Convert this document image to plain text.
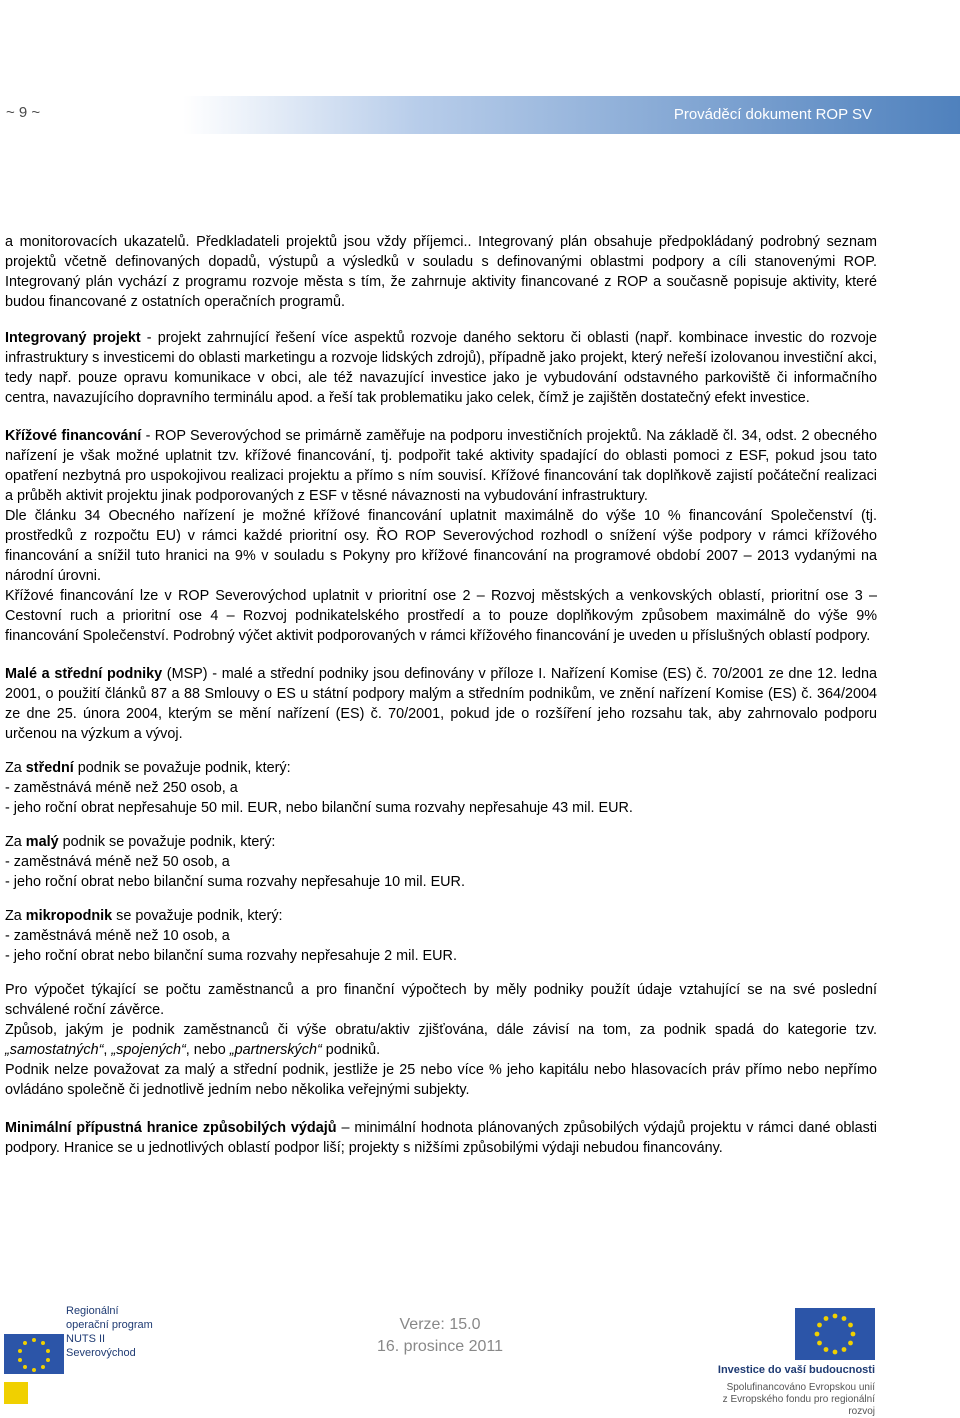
~ 9 ~	Prováděcí dokument ROP SV

a monitorovacích ukazatelů. Předkladateli projektů jsou vždy příjemci.. Integrovaný plán obsahuje předpokládaný podrobný seznam projektů včetně definovaných dopadů, výstupů a výsledků v souladu s definovanými oblastmi podpory a cíli stanovenými ROP. Integrovaný plán vychází z programu rozvoje města s tím, že zahrnuje aktivity financované z ROP a současně popisuje aktivity, které budou financované z ostatních operačních programů.

Integrovaný projekt - projekt zahrnující řešení více aspektů rozvoje daného sektoru či oblasti (např. kombinace investic do rozvoje infrastruktury s investicemi do oblasti marketingu a rozvoje lidských zdrojů), případně jako projekt, který neřeší izolovanou investiční akci, tedy např. pouze opravu komunikace v obci, ale též navazující investice jako je vybudování odstavného parkoviště či informačního centra, navazujícího dopravního terminálu apod. a řeší tak problematiku jako celek, čímž je zajištěn dostatečný efekt investice.

Křížové financování - ROP Severovýchod se primárně zaměřuje na podporu investičních projektů. Na základě čl. 34, odst. 2 obecného nařízení je však možné uplatnit tzv. křížové financování, tj. podpořit také aktivity spadající do oblasti pomoci z ESF, pokud jsou tato opatření nezbytná pro uspokojivou realizaci projektu a přímo s ním souvisí. Křížové financování tak doplňkově zajistí počáteční realizaci a průběh aktivit projektu jinak podporovaných z ESF v těsné návaznosti na vybudování infrastruktury.

Dle článku 34 Obecného nařízení je možné křížové financování uplatnit maximálně do výše 10 % financování Společenství (tj. prostředků z rozpočtu EU) v rámci každé prioritní osy. ŘO ROP Severovýchod rozhodl o snížení výše podpory v rámci křížového financování a snížil tuto hranici na 9% v souladu s Pokyny pro křížové financování na programové období 2007 – 2013 vydanými na národní úrovni.

Křížové financování lze v ROP Severovýchod uplatnit v prioritní ose 2 – Rozvoj městských a venkovských oblastí, prioritní ose 3 – Cestovní ruch a prioritní ose 4 – Rozvoj podnikatelského prostředí a to pouze doplňkovým způsobem maximálně do výše 9% financování Společenství. Podrobný výčet aktivit podporovaných v rámci křížového financování je uveden u příslušných oblastí podpory.

Malé a střední podniky (MSP) - malé a střední podniky jsou definovány v příloze I. Nařízení Komise (ES) č. 70/2001 ze dne 12. ledna 2001, o použití článků 87 a 88 Smlouvy o ES u státní podpory malým a středním podnikům, ve znění nařízení Komise (ES) č. 364/2004 ze dne 25. února 2004, kterým se mění nařízení (ES) č. 70/2001, pokud jde o rozšíření jeho rozsahu tak, aby zahrnovalo podporu určenou na výzkum a vývoj.

Za střední podnik se považuje podnik, který:

- zaměstnává méně než 250 osob, a

- jeho roční obrat nepřesahuje 50 mil. EUR, nebo bilanční suma rozvahy nepřesahuje 43 mil. EUR.

Za malý podnik se považuje podnik, který:

- zaměstnává méně než 50 osob, a

- jeho roční obrat nebo bilanční suma rozvahy nepřesahuje 10 mil. EUR.

Za mikropodnik se považuje podnik, který:

- zaměstnává méně než 10 osob, a

- jeho roční obrat nebo bilanční suma rozvahy nepřesahuje 2 mil. EUR.

Pro výpočet týkající se počtu zaměstnanců a pro finanční výpočtech by měly podniky použít údaje vztahující se na své poslední schválené roční závěrce.

Způsob, jakým je podnik zaměstnanců či výše obratu/aktiv zjišťována, dále závisí na tom, za podnik spadá do kategorie tzv. „samostatných“, „spojených“, nebo „partnerských“ podniků.

Podnik nelze považovat za malý a střední podnik, jestliže je 25 nebo více % jeho kapitálu nebo hlasovacích práv přímo nebo nepřímo ovládáno společně či jednotlivě jedním nebo několika veřejnými subjekty.

Minimální přípustná hranice způsobilých výdajů – minimální hodnota plánovaných způsobilých výdajů projektu v rámci dané oblasti podpory. Hranice se u jednotlivých oblastí podpor liší; projekty s nižšími způsobilými výdaji nebudou financovány.

Regionální
operační program
NUTS II Severovýchod
Verze: 15.0
16. prosince 2011
Investice do vaší budoucnosti
Spolufinancováno Evropskou unií
z Evropského fondu pro regionální rozvoj
